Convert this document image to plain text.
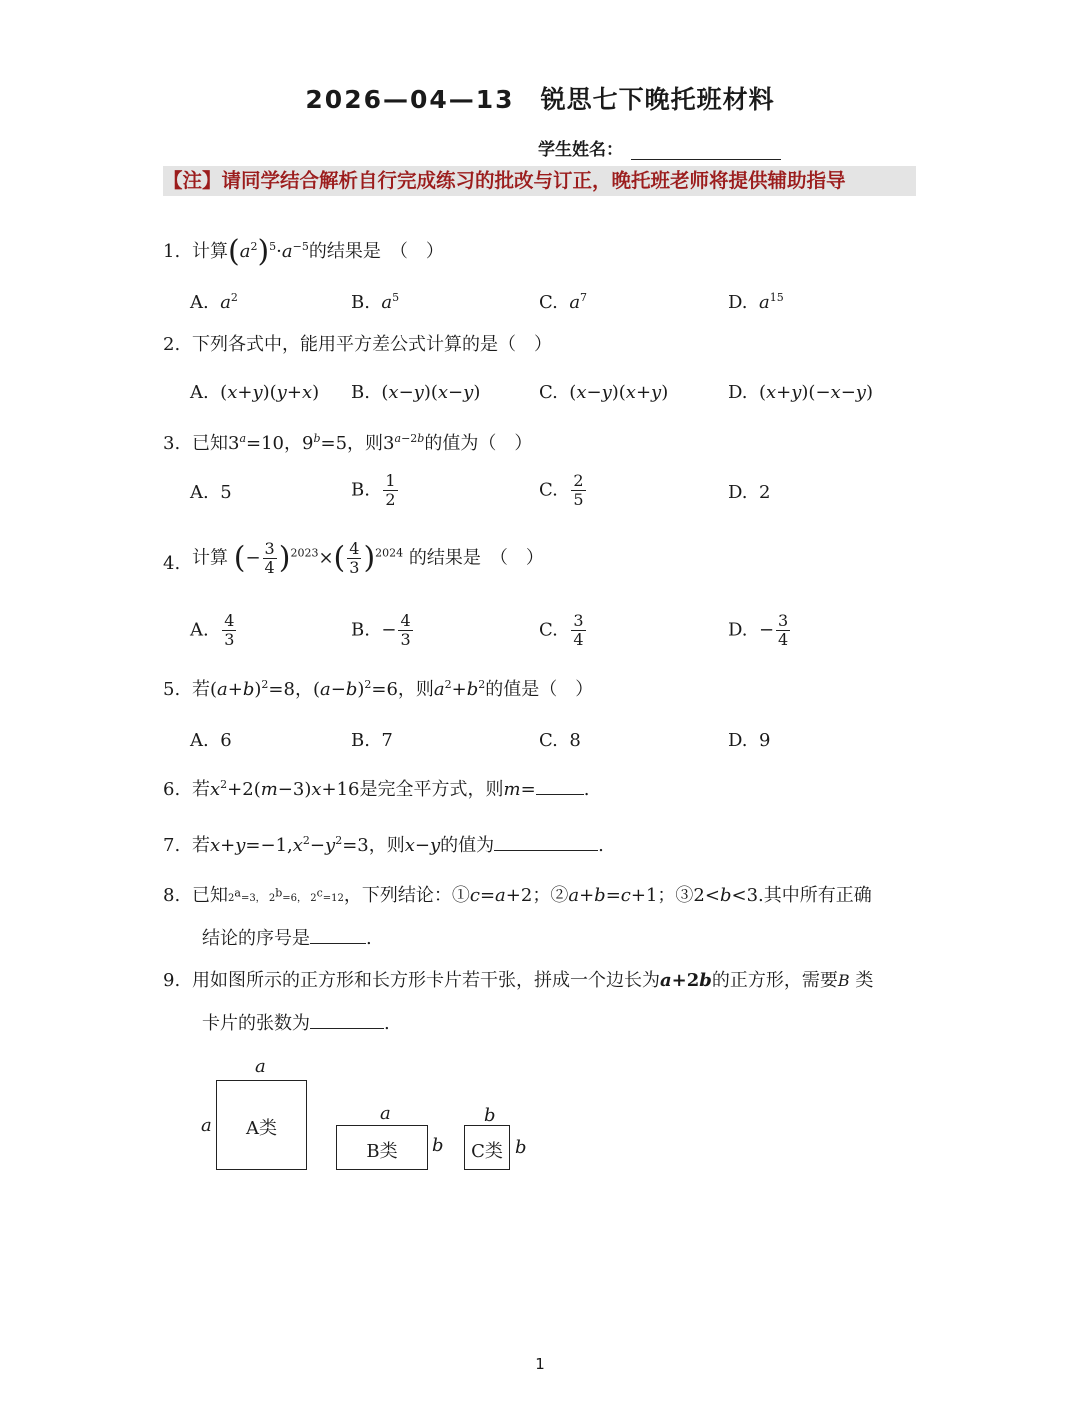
2026—04—13 锐思七下晚托班材料
学生姓名：
【注】请同学结合解析自行完成练习的批改与订正，晚托班老师将提供辅助指导
1. 计算$(a^2)^5\cdot a^{-5}$的结果是　（　）
A. $a^2$	B. $a^5$	C. $a^7$	D. $a^{15}$
2. 下列各式中，能用平方差公式计算的是（　）
A.  (x+y)(y+x) B.  (x−y)(x−y)	C.  (x−y)(x+y)	D.  (x+y)(−x−y)
3. 已知$3^a=10$，$9^b=5$，则$3^{a-2b}$的值为（　）
A. 5	B. $\frac{1}{2}$	C. $\frac{2}{5}$	D. 2
4. 计算 (− $\frac{3}{4} )^{2023}\times( \frac{4}{3} )^{2024}$ 的结果是　（　）
A. $\frac{4}{3}$	B.  − $\frac{4}{3}$	C. $\frac{3}{4}$	D.  − $\frac{3}{4}$
5. 若$(a+b)^2=8$，$(a-b)^2=6$，则$a^2+b^2$的值是（　）
A. 6	B. 7	C. 8	D. 9
6. 若$x^2+2(m-3)x+16$是完全平方式，则m=	.
7. 若$x+y=-1,x^2-y^2=3$，则x−y的值为	.
8. 已知$2^a=3$， $2^b=6$， $2^c=12$，下列结论：①c=a+2；②a+b=c+1；③2<b<3.其中所有正确
结论的序号是	.
9. 用如图所示的正方形和长方形卡片若干张，拼成一个边长为a+2b的正方形，需要B 类
卡片的张数为	.
a
a	A类
a
B类	b
b
C类 b
1
